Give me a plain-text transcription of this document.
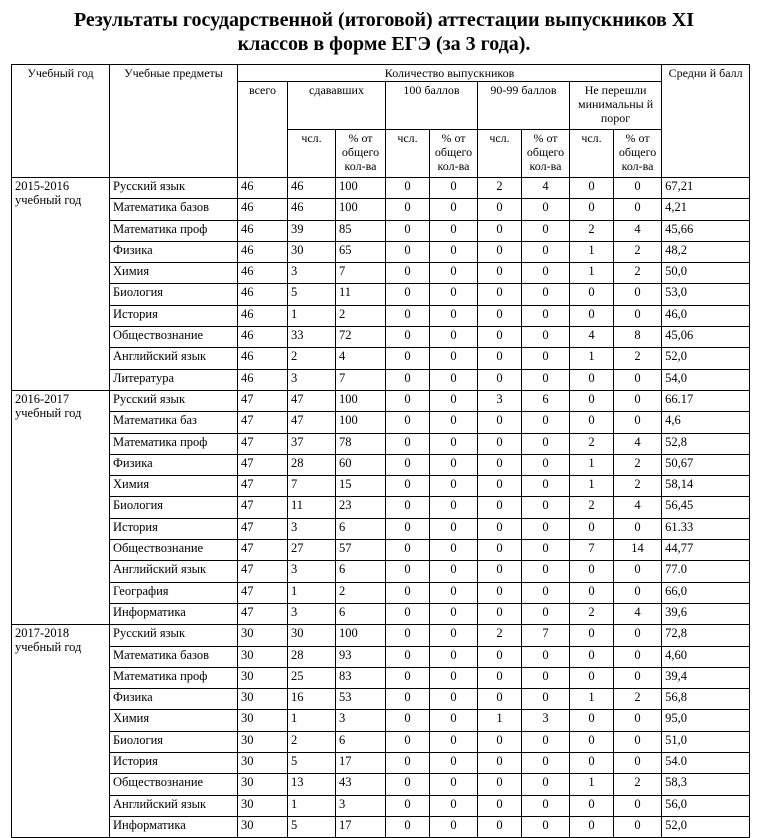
Результаты государственной (итоговой) аттестации выпускников XI
классов в форме ЕГЭ (за 3 года).
Учебный год	Учебные предметы	Количество выпускников									Средни й балл
		всего	сдававших		100 баллов		90-99 баллов		Не перешли минимальны й порог		
			чсл.	% от общего кол-ва	чсл.	% от общего кол-ва	чсл.	% от общего кол-ва	чсл.	% от общего кол-ва	
2015-2016 учебный год	Русский язык	46	46	100	0	0	2	4	0	0	67,21
	Математика базов	46	46	100	0	0	0	0	0	0	4,21
	Математика проф	46	39	85	0	0	0	0	2	4	45,66
	Физика	46	30	65	0	0	0	0	1	2	48,2
	Химия	46	3	7	0	0	0	0	1	2	50,0
	Биология	46	5	11	0	0	0	0	0	0	53,0
	История	46	1	2	0	0	0	0	0	0	46,0
	Обществознание	46	33	72	0	0	0	0	4	8	45,06
	Английский язык	46	2	4	0	0	0	0	1	2	52,0
	Литература	46	3	7	0	0	0	0	0	0	54,0
2016-2017 учебный год	Русский язык	47	47	100	0	0	3	6	0	0	66.17
	Математика баз	47	47	100	0	0	0	0	0	0	4,6
	Математика проф	47	37	78	0	0	0	0	2	4	52,8
	Физика	47	28	60	0	0	0	0	1	2	50,67
	Химия	47	7	15	0	0	0	0	1	2	58,14
	Биология	47	11	23	0	0	0	0	2	4	56,45
	История	47	3	6	0	0	0	0	0	0	61.33
	Обществознание	47	27	57	0	0	0	0	7	14	44,77
	Английский язык	47	3	6	0	0	0	0	0	0	77.0
	География	47	1	2	0	0	0	0	0	0	66,0
	Информатика	47	3	6	0	0	0	0	2	4	39,6
2017-2018 учебный год	Русский язык	30	30	100	0	0	2	7	0	0	72,8
	Математика базов	30	28	93	0	0	0	0	0	0	4,60
	Математика проф	30	25	83	0	0	0	0	0	0	39,4
	Физика	30	16	53	0	0	0	0	1	2	56,8
	Химия	30	1	3	0	0	1	3	0	0	95,0
	Биология	30	2	6	0	0	0	0	0	0	51,0
	История	30	5	17	0	0	0	0	0	0	54.0
	Обществознание	30	13	43	0	0	0	0	1	2	58,3
	Английский язык	30	1	3	0	0	0	0	0	0	56,0
	Информатика	30	5	17	0	0	0	0	0	0	52,0
